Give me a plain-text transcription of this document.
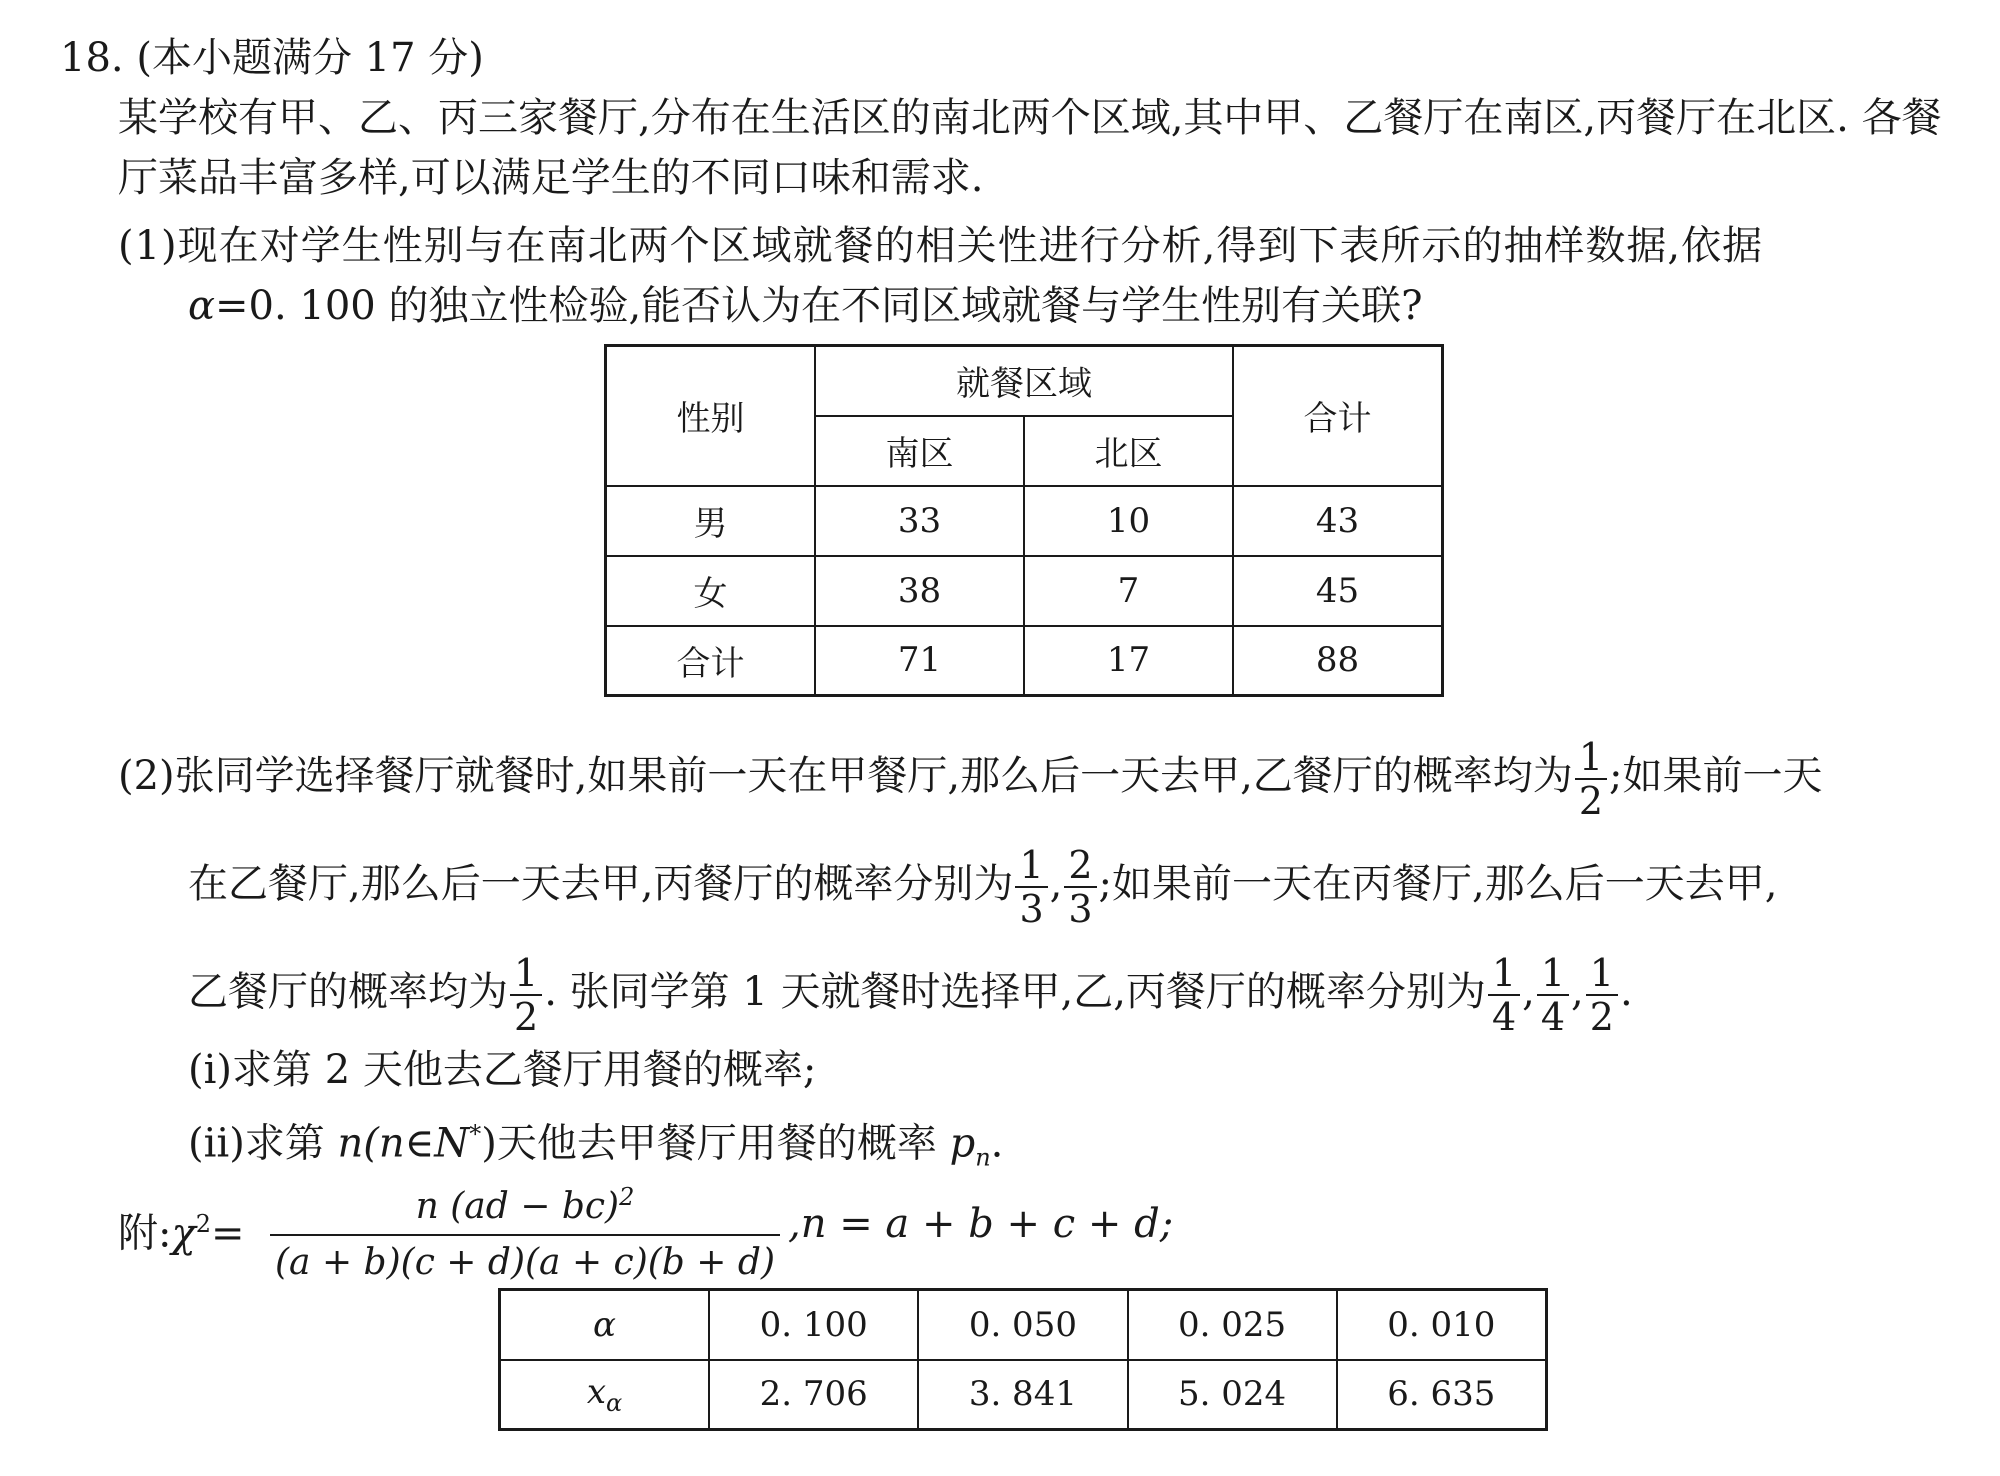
18. (本小题满分 17 分)
某学校有甲、乙、丙三家餐厅,分布在生活区的南北两个区域,其中甲、乙餐厅在南区,丙餐厅在北区. 各餐
厅菜品丰富多样,可以满足学生的不同口味和需求.
(1)现在对学生性别与在南北两个区域就餐的相关性进行分析,得到下表所示的抽样数据,依据
α=0. 100 的独立性检验,能否认为在不同区域就餐与学生性别有关联?
性别	就餐区域		合计
	南区	北区	
男	33	10	43
女	38	7	45
合计	71	17	88
(2)张同学选择餐厅就餐时,如果前一天在甲餐厅,那么后一天去甲,乙餐厅的概率均为 $\frac{1}{2}$ ;如果前一天
在乙餐厅,那么后一天去甲,丙餐厅的概率分别为 $\frac{1}{3}$ , $\frac{2}{3}$ ;如果前一天在丙餐厅,那么后一天去甲,
乙餐厅的概率均为 $\frac{1}{2}$ . 张同学第 1 天就餐时选择甲,乙,丙餐厅的概率分别为 $\frac{1}{4}$ , $\frac{1}{4}$ , $\frac{1}{2}$ .
(ⅰ)求第 2 天他去乙餐厅用餐的概率;
(ⅱ)求第 n(n∈N*)天他去甲餐厅用餐的概率 $p_n$.
附$:\chi^2= \frac{n (ad - bc)^2}{(a + b)(c + d)(a + c)(b + d)} ,n = a + b + c + d$;
α	0. 100	0. 050	0. 025	0. 010
$x_\alpha$	2. 706	3. 841	5. 024	6. 635
